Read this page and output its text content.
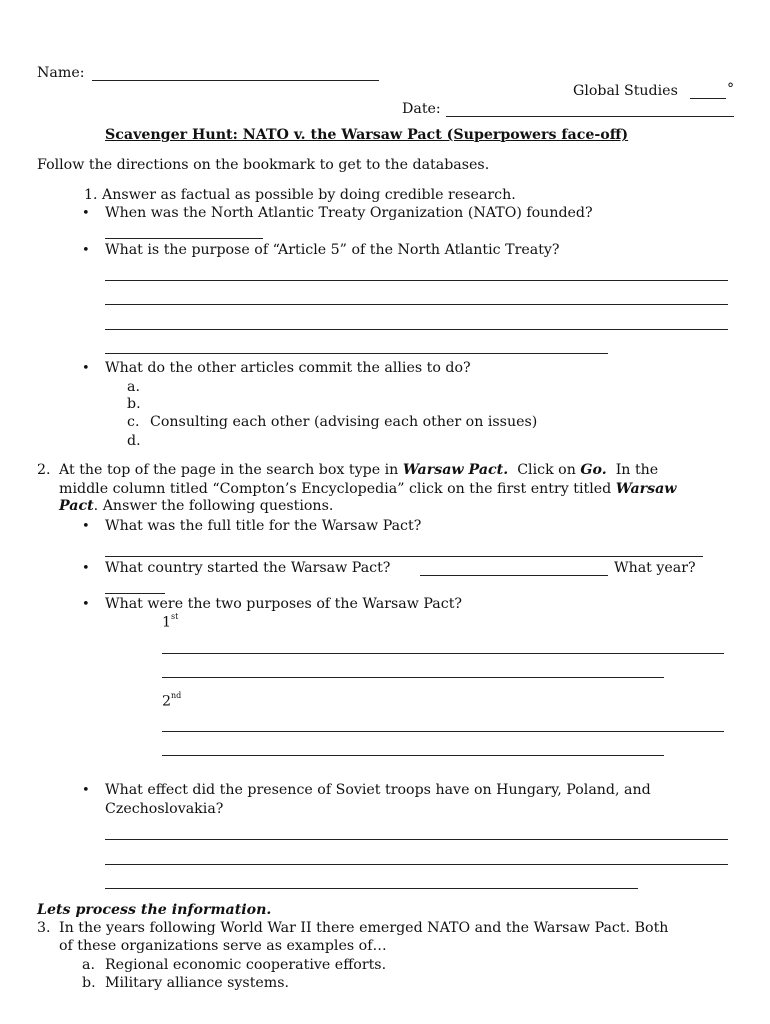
Name:
Global Studies	°
Date:
Scavenger Hunt: NATO v. the Warsaw Pact (Superpowers face-off)
Follow the directions on the bookmark to get to the databases.
1. Answer as factual as possible by doing credible research.
• When was the North Atlantic Treaty Organization (NATO) founded?
• What is the purpose of “Article 5” of the North Atlantic Treaty?
• What do the other articles commit the allies to do?
a.
b.
c. Consulting each other (advising each other on issues)
d.
2. At the top of the page in the search box type in Warsaw Pact. Click on Go. In the
middle column titled “Compton’s Encyclopedia” click on the first entry titled Warsaw
Pact. Answer the following questions.
• What was the full title for the Warsaw Pact?
• What country started the Warsaw Pact?	What year?
• What were the two purposes of the Warsaw Pact?
1st
2nd
• What effect did the presence of Soviet troops have on Hungary, Poland, and
Czechoslovakia?
Lets process the information.
3. In the years following World War II there emerged NATO and the Warsaw Pact. Both
of these organizations serve as examples of…
a. Regional economic cooperative efforts.
b. Military alliance systems.
